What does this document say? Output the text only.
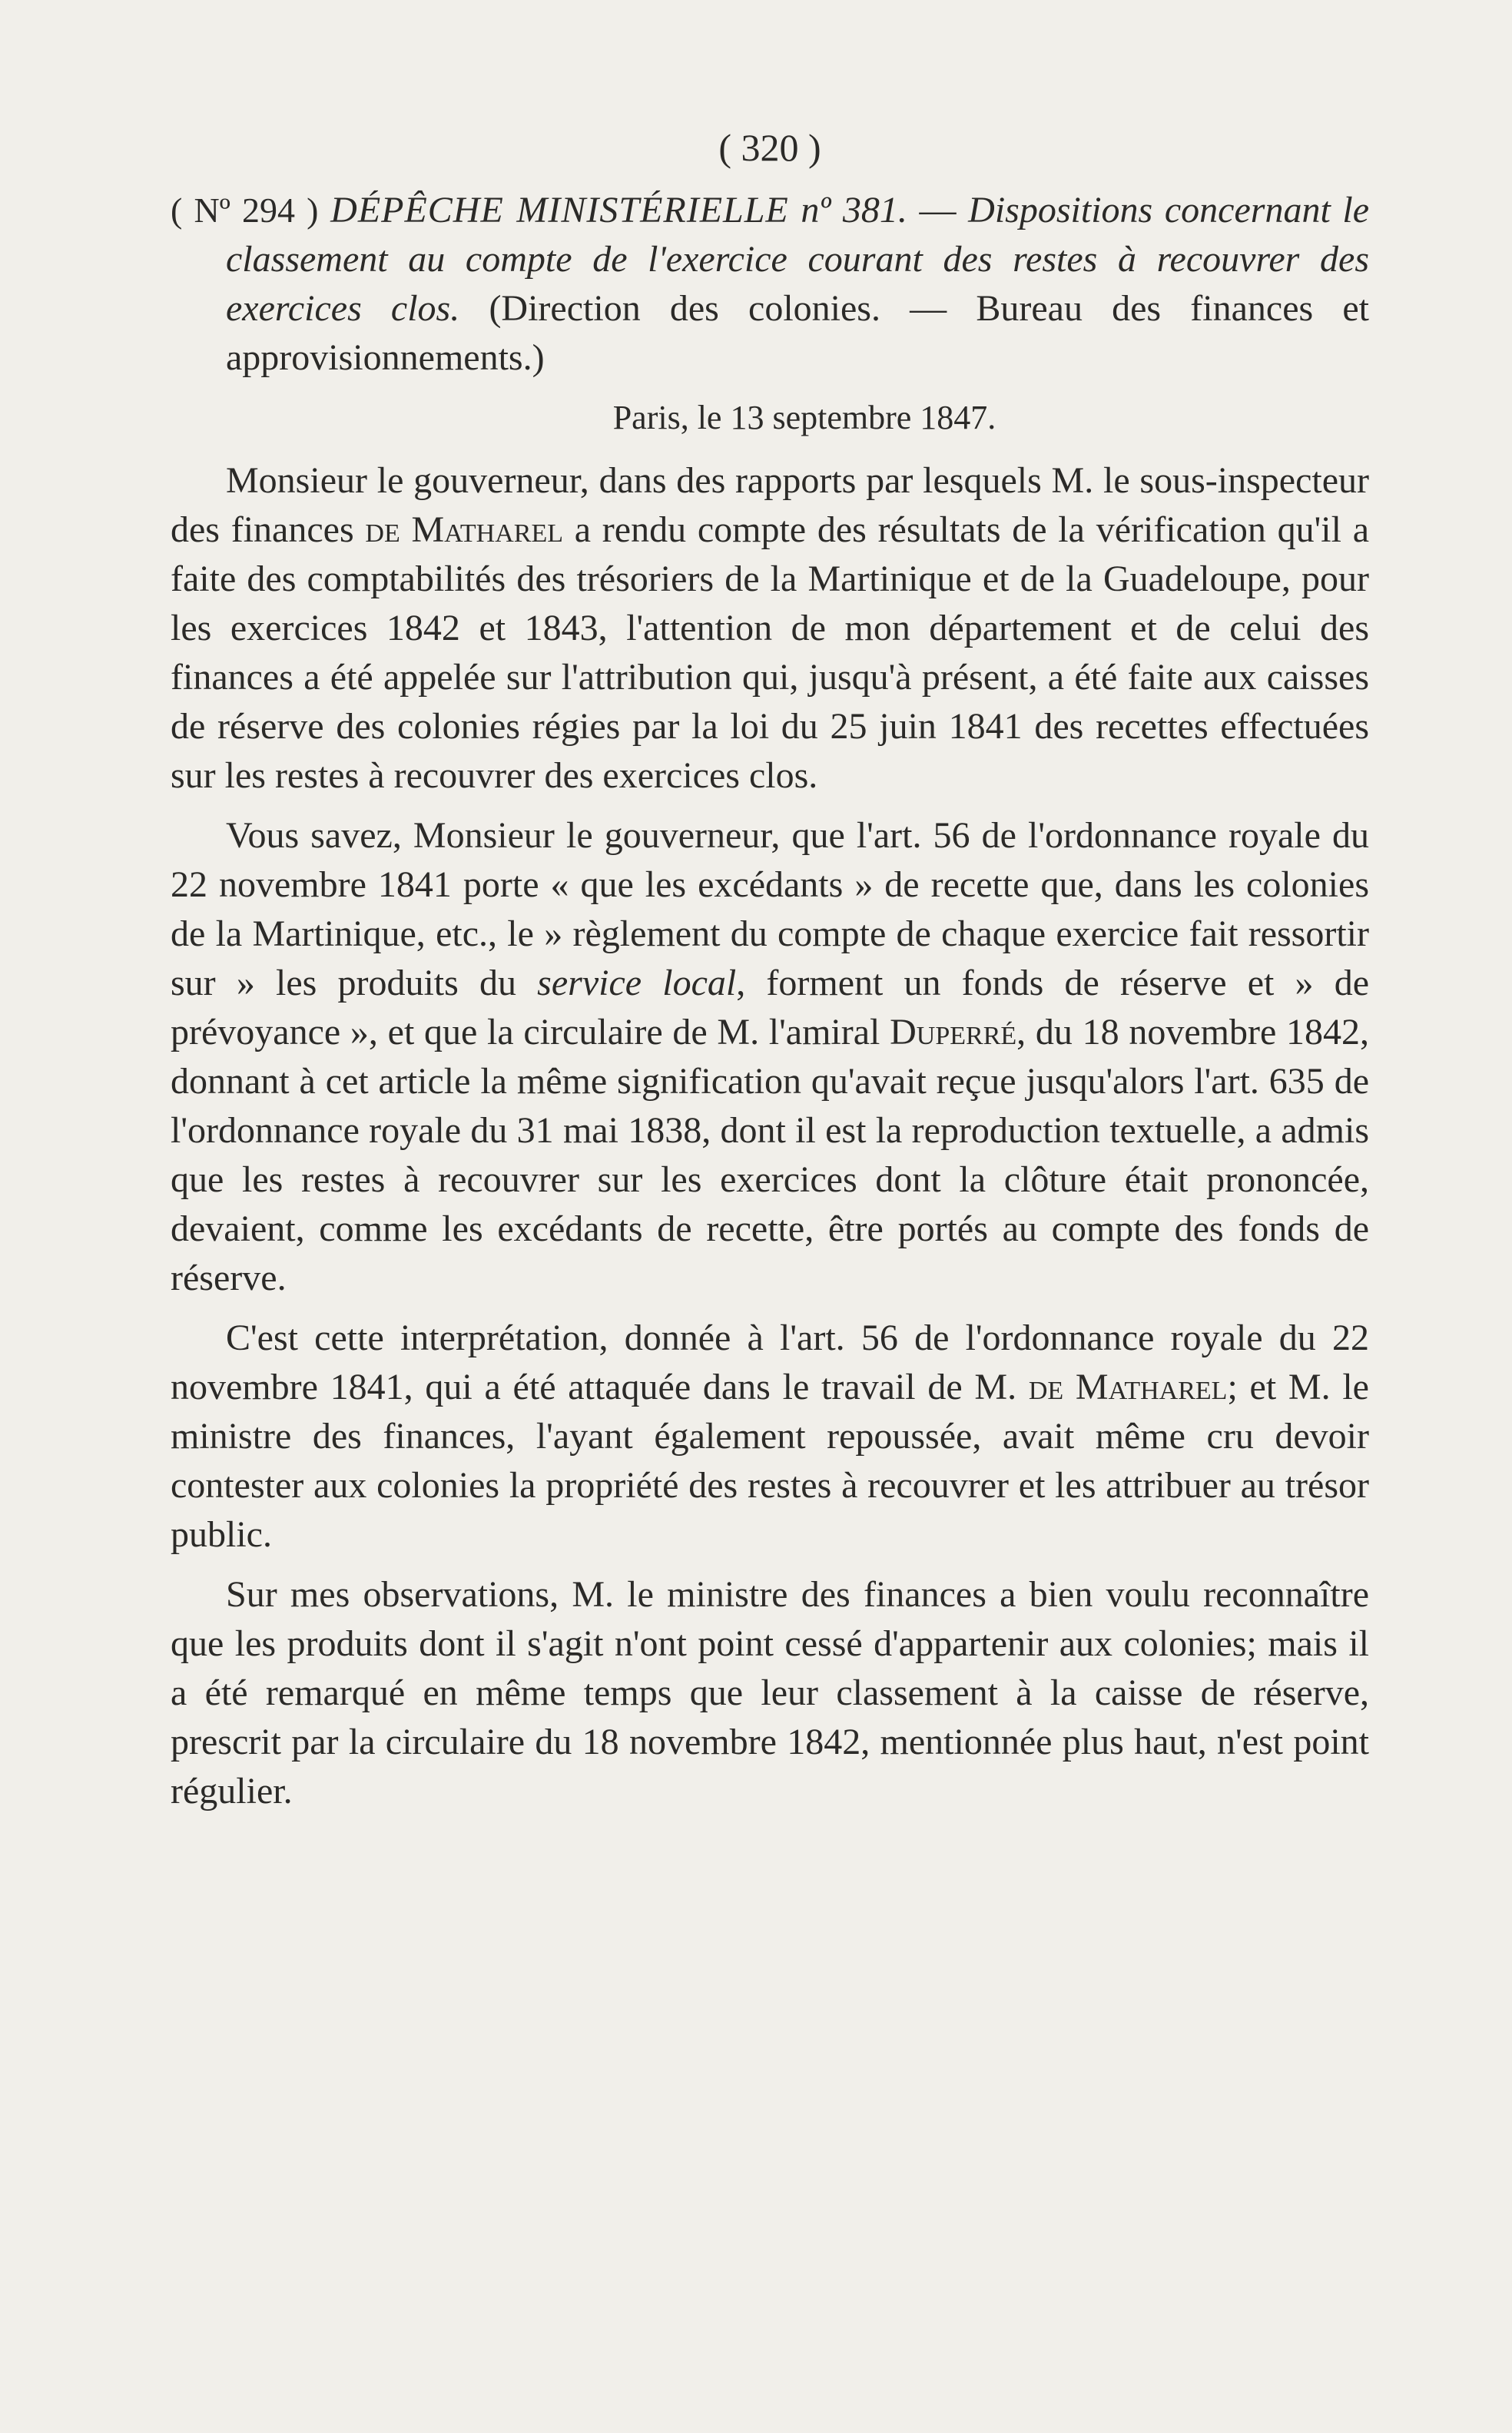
( 320 )

( Nº 294 ) DÉPÊCHE MINISTÉRIELLE nº 381. — Dispositions concernant le classement au compte de l'exercice courant des restes à recouvrer des exercices clos. (Direction des colonies. — Bureau des finances et approvisionnements.)

Paris, le 13 septembre 1847.

Monsieur le gouverneur, dans des rapports par lesquels M. le sous-inspecteur des finances de Matharel a rendu compte des résultats de la vérification qu'il a faite des comptabilités des trésoriers de la Martinique et de la Guadeloupe, pour les exercices 1842 et 1843, l'attention de mon département et de celui des finances a été appelée sur l'attribution qui, jusqu'à présent, a été faite aux caisses de réserve des colonies régies par la loi du 25 juin 1841 des recettes effectuées sur les restes à recouvrer des exercices clos.

Vous savez, Monsieur le gouverneur, que l'art. 56 de l'ordonnance royale du 22 novembre 1841 porte « que les excédants » de recette que, dans les colonies de la Martinique, etc., le » règlement du compte de chaque exercice fait ressortir sur » les produits du service local, forment un fonds de réserve et » de prévoyance », et que la circulaire de M. l'amiral Duperré, du 18 novembre 1842, donnant à cet article la même signification qu'avait reçue jusqu'alors l'art. 635 de l'ordonnance royale du 31 mai 1838, dont il est la reproduction textuelle, a admis que les restes à recouvrer sur les exercices dont la clôture était prononcée, devaient, comme les excédants de recette, être portés au compte des fonds de réserve.

C'est cette interprétation, donnée à l'art. 56 de l'ordonnance royale du 22 novembre 1841, qui a été attaquée dans le travail de M. de Matharel; et M. le ministre des finances, l'ayant également repoussée, avait même cru devoir contester aux colonies la propriété des restes à recouvrer et les attribuer au trésor public.

Sur mes observations, M. le ministre des finances a bien voulu reconnaître que les produits dont il s'agit n'ont point cessé d'appartenir aux colonies; mais il a été remarqué en même temps que leur classement à la caisse de réserve, prescrit par la circulaire du 18 novembre 1842, mentionnée plus haut, n'est point régulier.
